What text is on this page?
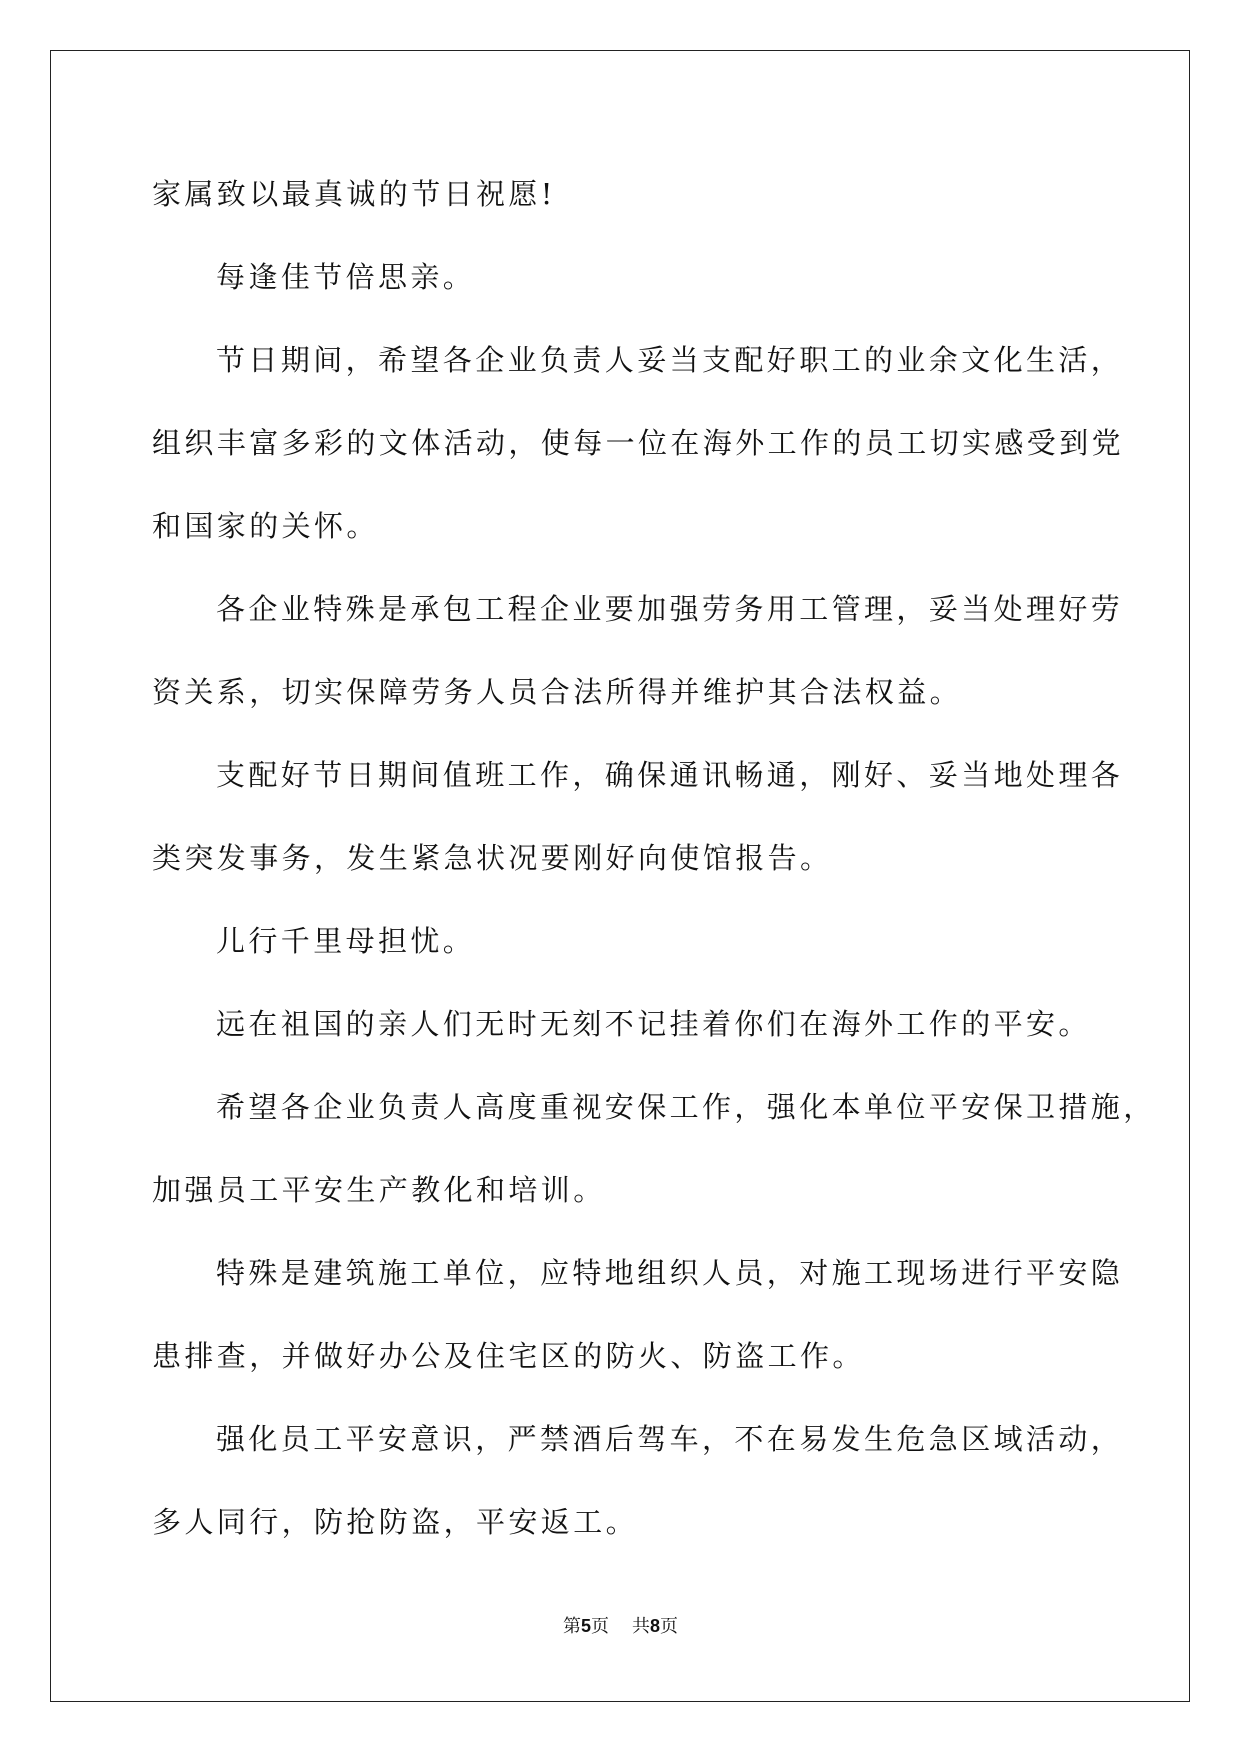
家属致以最真诚的节日祝愿!

每逢佳节倍思亲。

节日期间，希望各企业负责人妥当支配好职工的业余文化生活，

组织丰富多彩的文体活动，使每一位在海外工作的员工切实感受到党

和国家的关怀。

各企业特殊是承包工程企业要加强劳务用工管理，妥当处理好劳

资关系，切实保障劳务人员合法所得并维护其合法权益。

支配好节日期间值班工作，确保通讯畅通，刚好、妥当地处理各

类突发事务，发生紧急状况要刚好向使馆报告。

儿行千里母担忧。

远在祖国的亲人们无时无刻不记挂着你们在海外工作的平安。

希望各企业负责人高度重视安保工作，强化本单位平安保卫措施，

加强员工平安生产教化和培训。

特殊是建筑施工单位，应特地组织人员，对施工现场进行平安隐

患排查，并做好办公及住宅区的防火、防盗工作。

强化员工平安意识，严禁酒后驾车，不在易发生危急区域活动，

多人同行，防抢防盗，平安返工。

第5页 共8页
